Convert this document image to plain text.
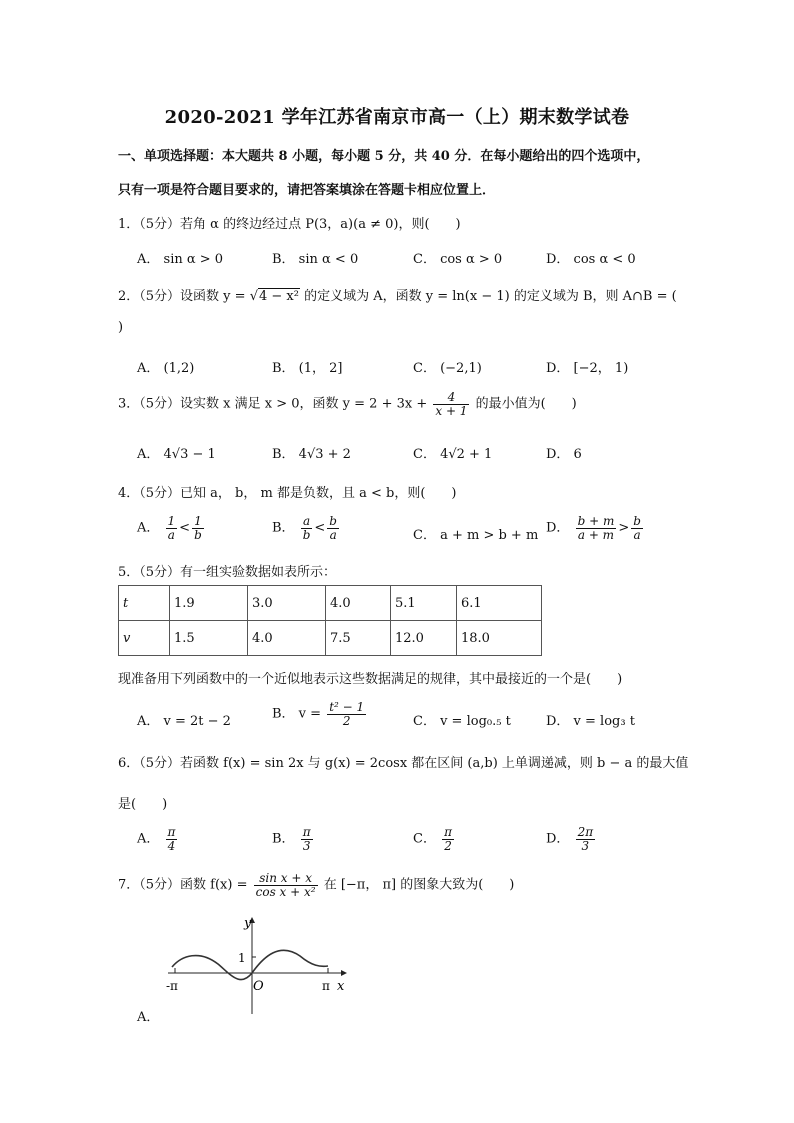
2020-2021 学年江苏省南京市高一（上）期末数学试卷
一、单项选择题：本大题共 8 小题，每小题 5 分，共 40 分．在每小题给出的四个选项中，
只有一项是符合题目要求的，请把答案填涂在答题卡相应位置上．
1．（5分）若角 α 的终边经过点 P(3，a)(a ≠ 0)，则(　　)
A． sin α > 0	B． sin α < 0	C． cos α > 0	D． cos α < 0
2．（5分）设函数 y = √4 − x² 的定义域为 A，函数 y = ln(x − 1) 的定义域为 B，则 A∩B = (
)
A． (1,2)	B． (1， 2]	C． (−2,1)	D． [−2， 1)
3．（5分）设实数 x 满足 x > 0，函数 $y = 2 + 3x + \frac{4}{x + 1}$ 的最小值为(　　)
A． 4√3 − 1	B． 4√3 + 2	C． 4√2 + 1	D． 6
4．（5分）已知 a， b， m 都是负数，且 a < b，则(　　)
A． $\frac{1}{a} < \frac{1}{b}$	B． $\frac{a}{b} < \frac{b}{a}$	C． a + m > b + m D． $\frac{b + m}{a + m} > \frac{b}{a}$
5．（5分）有一组实验数据如表所示：
t	1.9	3.0	4.0	5.1	6.1
v	1.5	4.0	7.5	12.0	18.0
现准备用下列函数中的一个近似地表示这些数据满足的规律，其中最接近的一个是(　　)
A． v = 2t − 2	B． $v = \frac{\text{t² − 1}}{2}$	C． v = log₀.₅ t	D． v = log₃ t
6．（5分）若函数 f(x) = sin 2x 与 g(x) = 2cosx 都在区间 (a,b) 上单调递减，则 b − a 的最大值
是(　　)
A． $\frac{\pi}{4}$	B． $\frac{\pi}{3}$	C． $\frac{\pi}{2}$	D． $\frac{2\pi}{3}$
7．（5分）函数 $f(x) = \frac{\text{sin x + x}}{\text{cos x + x²}}$ 在 [−π， π] 的图象大致为(　　)
y
1
O
-π	π x
A．
